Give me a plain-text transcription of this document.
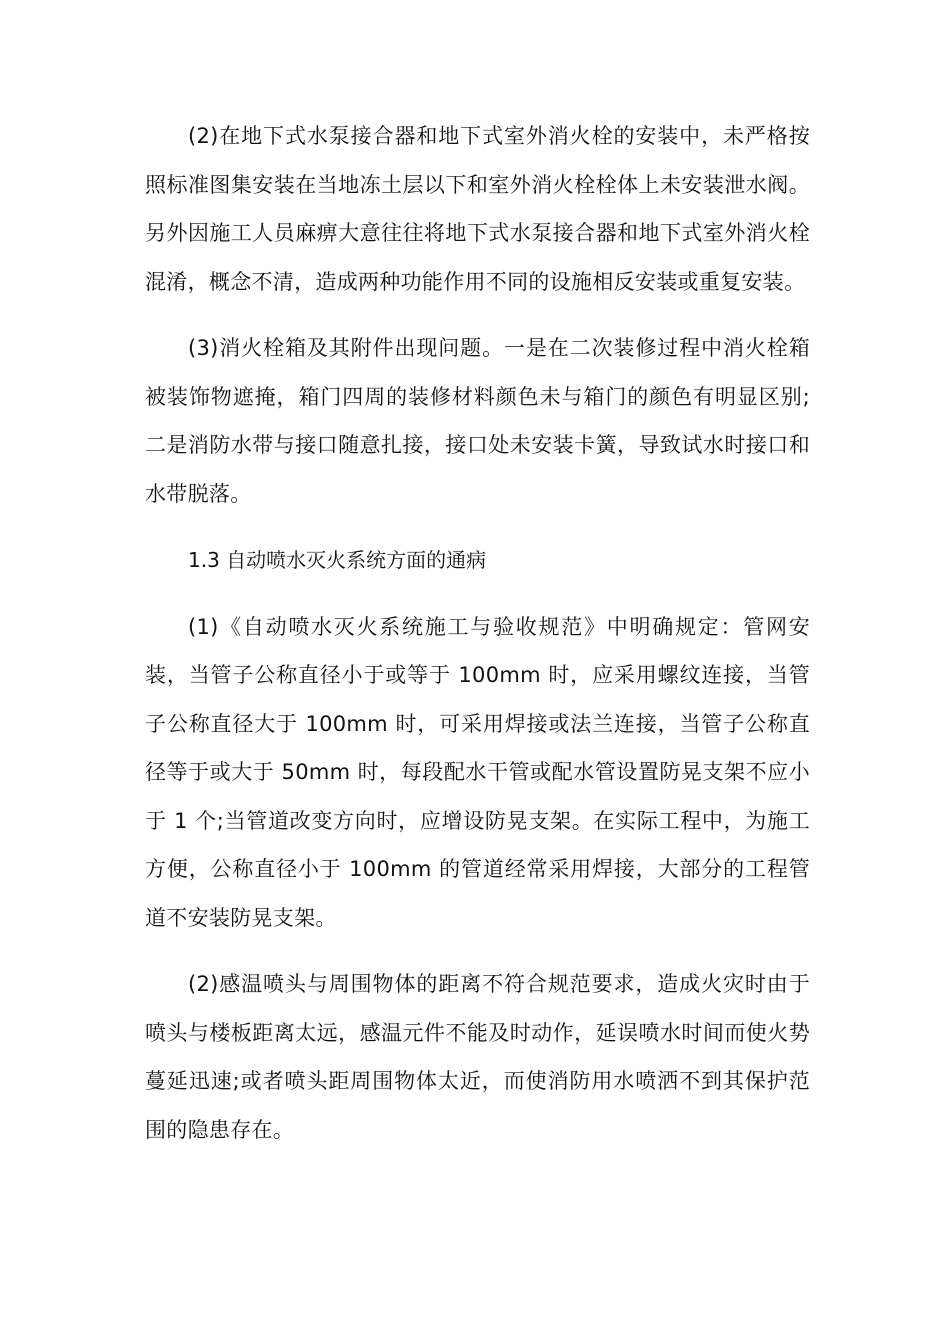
(2)在地下式水泵接合器和地下式室外消火栓的安装中，未严格按照标准图集安装在当地冻土层以下和室外消火栓栓体上未安装泄水阀。另外因施工人员麻痹大意往往将地下式水泵接合器和地下式室外消火栓混淆，概念不清，造成两种功能作用不同的设施相反安装或重复安装。

(3)消火栓箱及其附件出现问题。一是在二次装修过程中消火栓箱被装饰物遮掩，箱门四周的装修材料颜色未与箱门的颜色有明显区别;二是消防水带与接口随意扎接，接口处未安装卡簧，导致试水时接口和水带脱落。

1.3 自动喷水灭火系统方面的通病

(1)《自动喷水灭火系统施工与验收规范》中明确规定：管网安装，当管子公称直径小于或等于 100mm 时，应采用螺纹连接，当管子公称直径大于 100mm 时，可采用焊接或法兰连接，当管子公称直径等于或大于 50mm 时，每段配水干管或配水管设置防晃支架不应小于 1 个;当管道改变方向时，应增设防晃支架。在实际工程中，为施工方便，公称直径小于 100mm 的管道经常采用焊接，大部分的工程管道不安装防晃支架。

(2)感温喷头与周围物体的距离不符合规范要求，造成火灾时由于喷头与楼板距离太远，感温元件不能及时动作，延误喷水时间而使火势蔓延迅速;或者喷头距周围物体太近，而使消防用水喷洒不到其保护范围的隐患存在。
